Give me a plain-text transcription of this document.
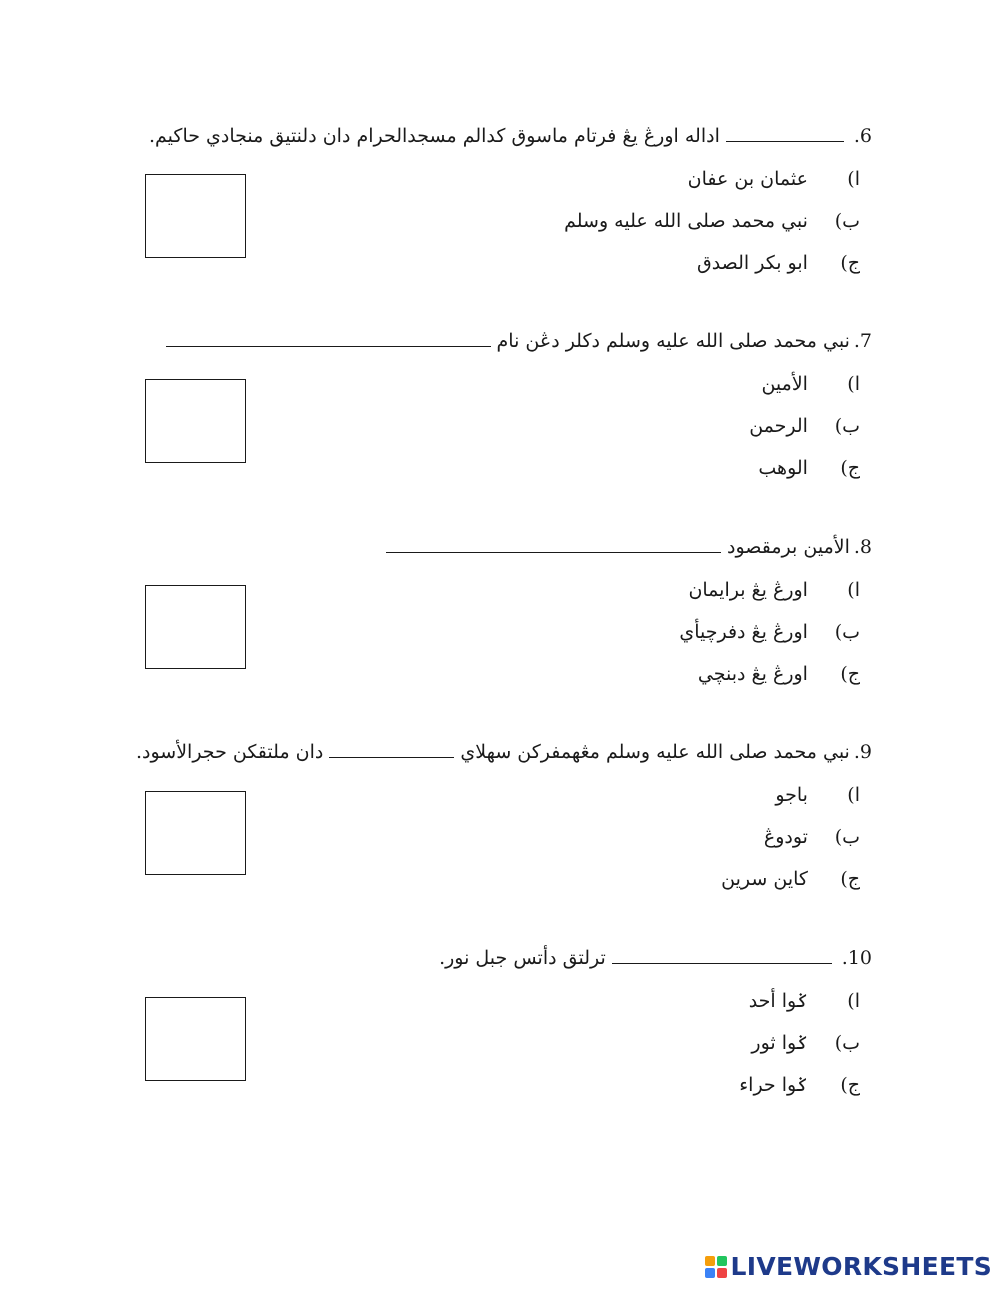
6.اداله اورڠ يڠ فرتام ماسوق كدالم مسجدالحرام دان دلنتيق منجادي حاكيم.
ا) عثمان بن عفان
ب) نبي محمد صلى الله عليه وسلم
ج) ابو بكر الصدق
7.نبي محمد صلى الله عليه وسلم دكلر دڠن نام
ا) الأمين
ب) الرحمن
ج) الوهب
8.الأمين برمقصود
ا) اورڠ يڠ برايمان
ب) اورڠ يڠ دفرچيأي
ج) اورڠ يڠ دبنچي
9.نبي محمد صلى الله عليه وسلم مڠهمفركن سهلايدان ملتقكن حجرالأسود.
ا) باجو
ب) تودوڠ
ج) كاين سرين
10.ترلتق دأتس جبل نور.
ا) ݢوا أحد
ب) ݢوا ثور
ج) ݢوا حراء
LIVEWORKSHEETS
